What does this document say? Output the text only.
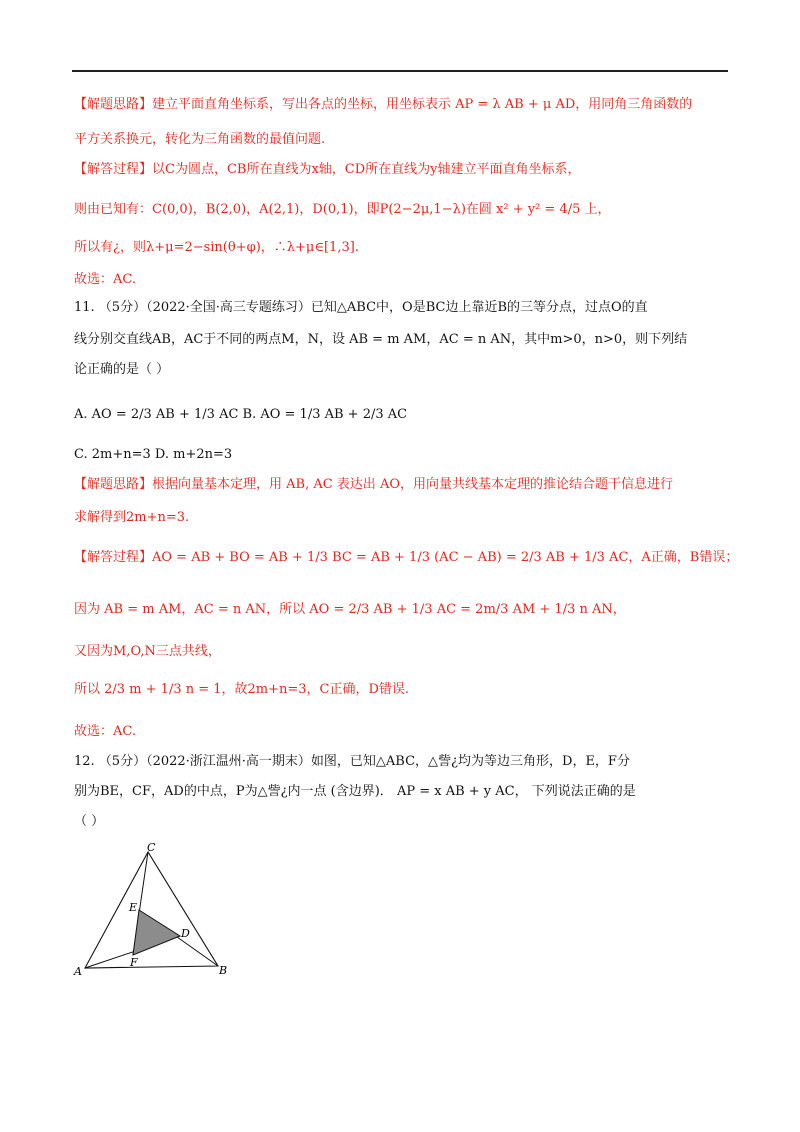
【解题思路】建立平面直角坐标系，写出各点的坐标，用坐标表示 AP = λ AB + μ AD，用同角三角函数的
平方关系换元，转化为三角函数的最值问题.
【解答过程】以C为圆点，CB所在直线为x轴，CD所在直线为y轴建立平面直角坐标系，
则由已知有：C(0,0)，B(2,0)，A(2,1)，D(0,1)，即P(2−2μ,1−λ)在圆 x² + y² = 4/5 上，
所以有¿，则λ+μ=2−sin(θ+φ)，∴λ+μ∈[1,3].
故选：AC.
11. （5分）（2022·全国·高三专题练习）已知△ABC中，O是BC边上靠近B的三等分点，过点O的直
线分别交直线AB，AC于不同的两点M，N，设 AB = m AM，AC = n AN，其中m>0，n>0，则下列结
论正确的是（ ）
A. AO = 2/3 AB + 1/3 AC B. AO = 1/3 AB + 2/3 AC
C. 2m+n=3 D. m+2n=3
【解题思路】根据向量基本定理，用 AB, AC 表达出 AO，用向量共线基本定理的推论结合题干信息进行
求解得到2m+n=3.
【解答过程】AO = AB + BO = AB + 1/3 BC = AB + 1/3 (AC − AB) = 2/3 AB + 1/3 AC，A正确，B错误；
因为 AB = m AM，AC = n AN，所以 AO = 2/3 AB + 1/3 AC = 2m/3 AM + 1/3 n AN，
又因为M,O,N三点共线，
所以 2/3 m + 1/3 n = 1，故2m+n=3，C正确，D错误.
故选：AC.
12. （5分）（2022·浙江温州·高一期末）如图，已知△ABC，△訾¿均为等边三角形，D，E，F分
别为BE，CF，AD的中点，P为△訾¿内一点 (含边界)． AP = x AB + y AC， 下列说法正确的是
（ ）
C
E
D
F
A	B
